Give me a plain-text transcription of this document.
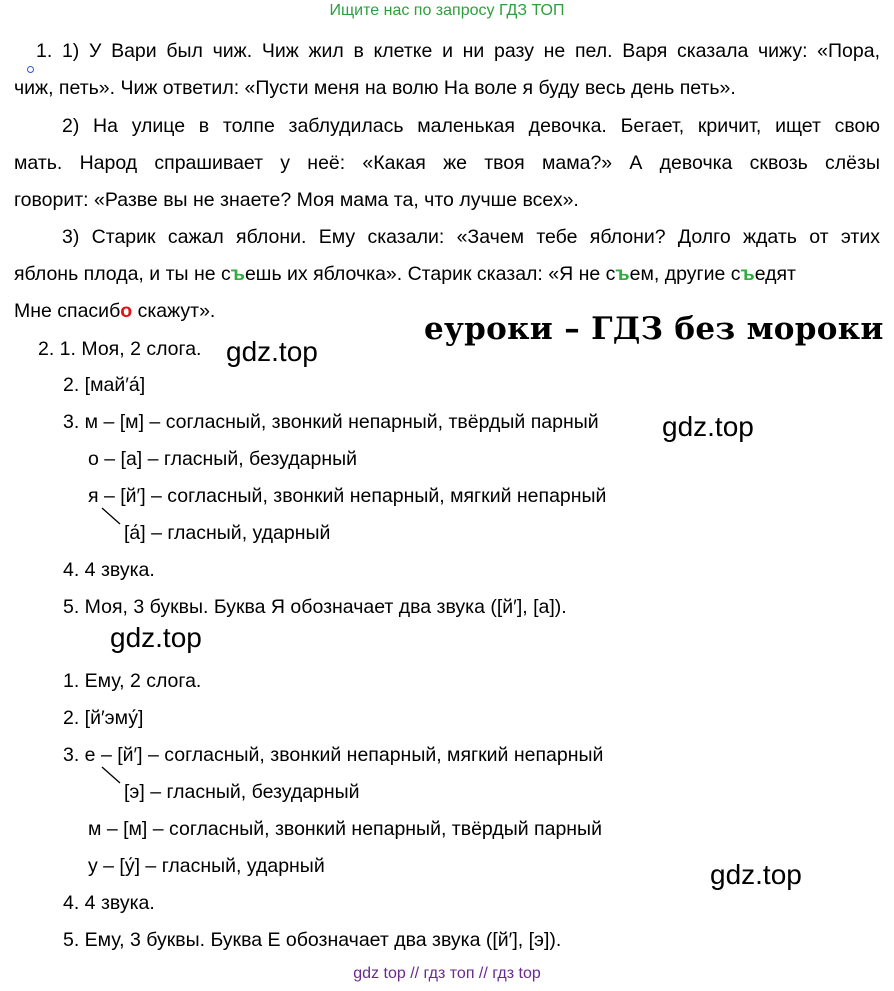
Ищите нас по запросу ГДЗ ТОП
1. 1) У Вари был чиж. Чиж жил в клетке и ни разу не пел. Варя сказала чижу: «Пора,
чиж, петь». Чиж ответил: «Пусти меня на волю На воле я буду весь день петь».
2) На улице в толпе заблудилась маленькая девочка. Бегает, кричит, ищет свою
мать. Народ спрашивает у неё: «Какая же твоя мама?» А девочка сквозь слёзы
говорит: «Разве вы не знаете? Моя мама та, что лучше всех».
3) Старик сажал яблони. Ему сказали: «Зачем тебе яблони? Долго ждать от этих
яблонь плода, и ты не съешь их яблочка». Старик сказал: «Я не съем, другие съедят
Мне спасибо скажут».	еуроки – ГДЗ без мороки
2. 1. Моя, 2 слога. gdz.top
2. [май′а́]
3. м – [м] – согласный, звонкий непарный, твёрдый парный gdz.top
о – [а] – гласный, безударный
я – [й′] – согласный, звонкий непарный, мягкий непарный
[а́] – гласный, ударный
4. 4 звука.
5. Моя, 3 буквы. Буква Я обозначает два звука ([й′], [а]).
gdz.top
1. Ему, 2 слога.
2. [й′эму́]
3. е – [й′] – согласный, звонкий непарный, мягкий непарный
[э] – гласный, безударный
м – [м] – согласный, звонкий непарный, твёрдый парный
у – [у́] – гласный, ударный	gdz.top
4. 4 звука.
5. Ему, 3 буквы. Буква Е обозначает два звука ([й′], [э]).
gdz top // гдз топ // гдз top
